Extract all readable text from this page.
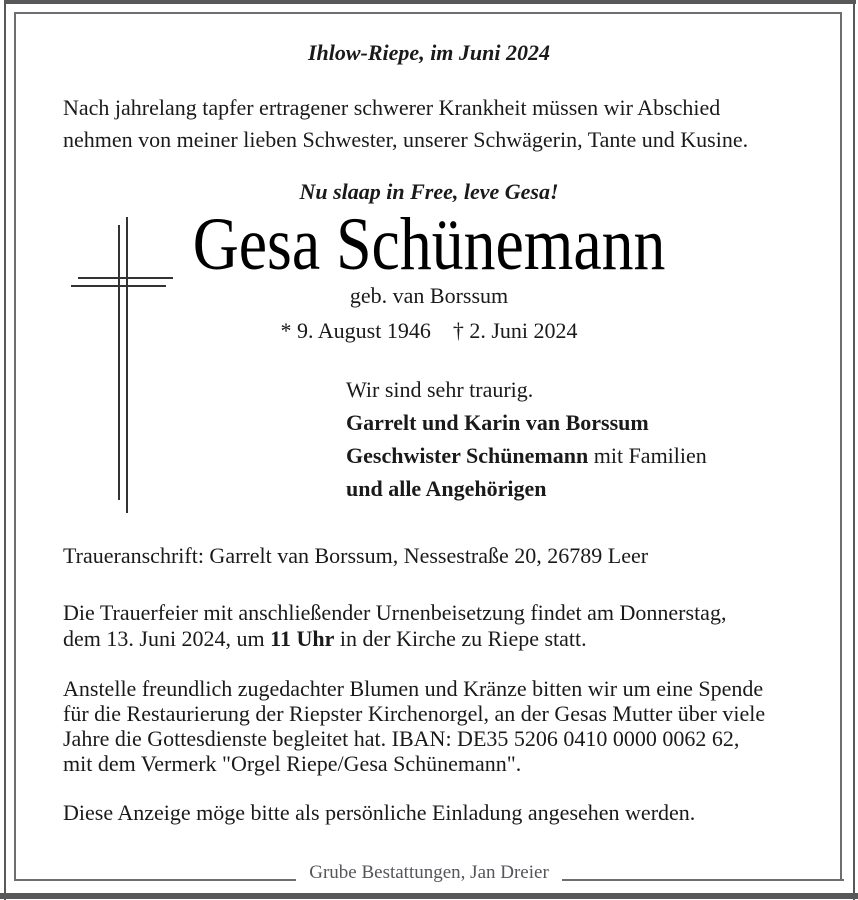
Ihlow-Riepe, im Juni 2024
Nach jahrelang tapfer ertragener schwerer Krankheit müssen wir Abschied
nehmen von meiner lieben Schwester, unserer Schwägerin, Tante und Kusine.
Nu slaap in Free, leve Gesa!
Gesa Schünemann
geb. van Borssum
* 9. August 1946 † 2. Juni 2024
Wir sind sehr traurig.
Garrelt und Karin van Borssum
Geschwister Schünemann mit Familien
und alle Angehörigen
Traueranschrift: Garrelt van Borssum, Nessestraße 20, 26789 Leer
Die Trauerfeier mit anschließender Urnenbeisetzung findet am Donnerstag,
dem 13. Juni 2024, um 11 Uhr in der Kirche zu Riepe statt.
Anstelle freundlich zugedachter Blumen und Kränze bitten wir um eine Spende
für die Restaurierung der Riepster Kirchenorgel, an der Gesas Mutter über viele
Jahre die Gottesdienste begleitet hat. IBAN: DE35 5206 0410 0000 0062 62,
mit dem Vermerk "Orgel Riepe/Gesa Schünemann".
Diese Anzeige möge bitte als persönliche Einladung angesehen werden.
Grube Bestattungen, Jan Dreier
